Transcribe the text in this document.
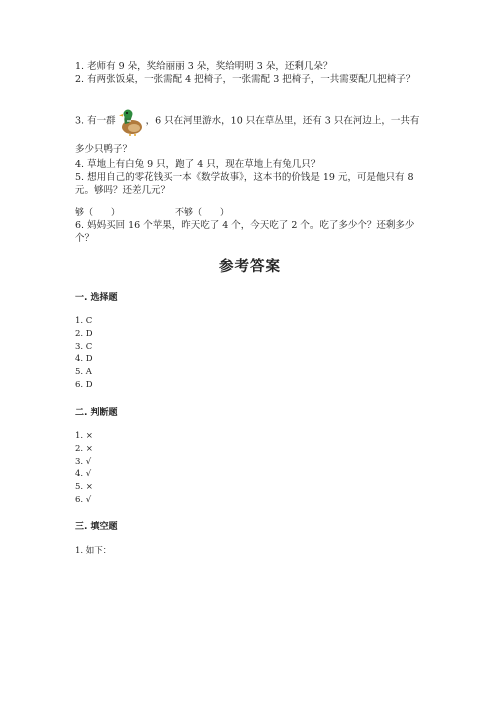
1. 老师有 9 朵，奖给丽丽 3 朵，奖给明明 3 朵，还剩几朵？

2. 有两张饭桌，一张需配 4 把椅子，一张需配 3 把椅子，一共需要配几把椅子？

3. 有一群	，6 只在河里游水，10 只在草丛里，还有 3 只在河边上，一共有多少只鸭子？

4. 草地上有白兔 9 只，跑了 4 只，现在草地上有兔几只？

5. 想用自己的零花钱买一本《数学故事》，这本书的价钱是 19 元，可是他只有 8 元。够吗？还差几元？

够（　　）	不够（　　）

6. 妈妈买回 16 个苹果，昨天吃了 4 个，今天吃了 2 个。吃了多少个？还剩多少个？

参考答案
一. 选择题
1. C
2. D
3. C
4. D
5. A
6. D
二. 判断题
1. ×
2. ×
3. √
4. √
5. ×
6. √
三. 填空题
1. 如下：
